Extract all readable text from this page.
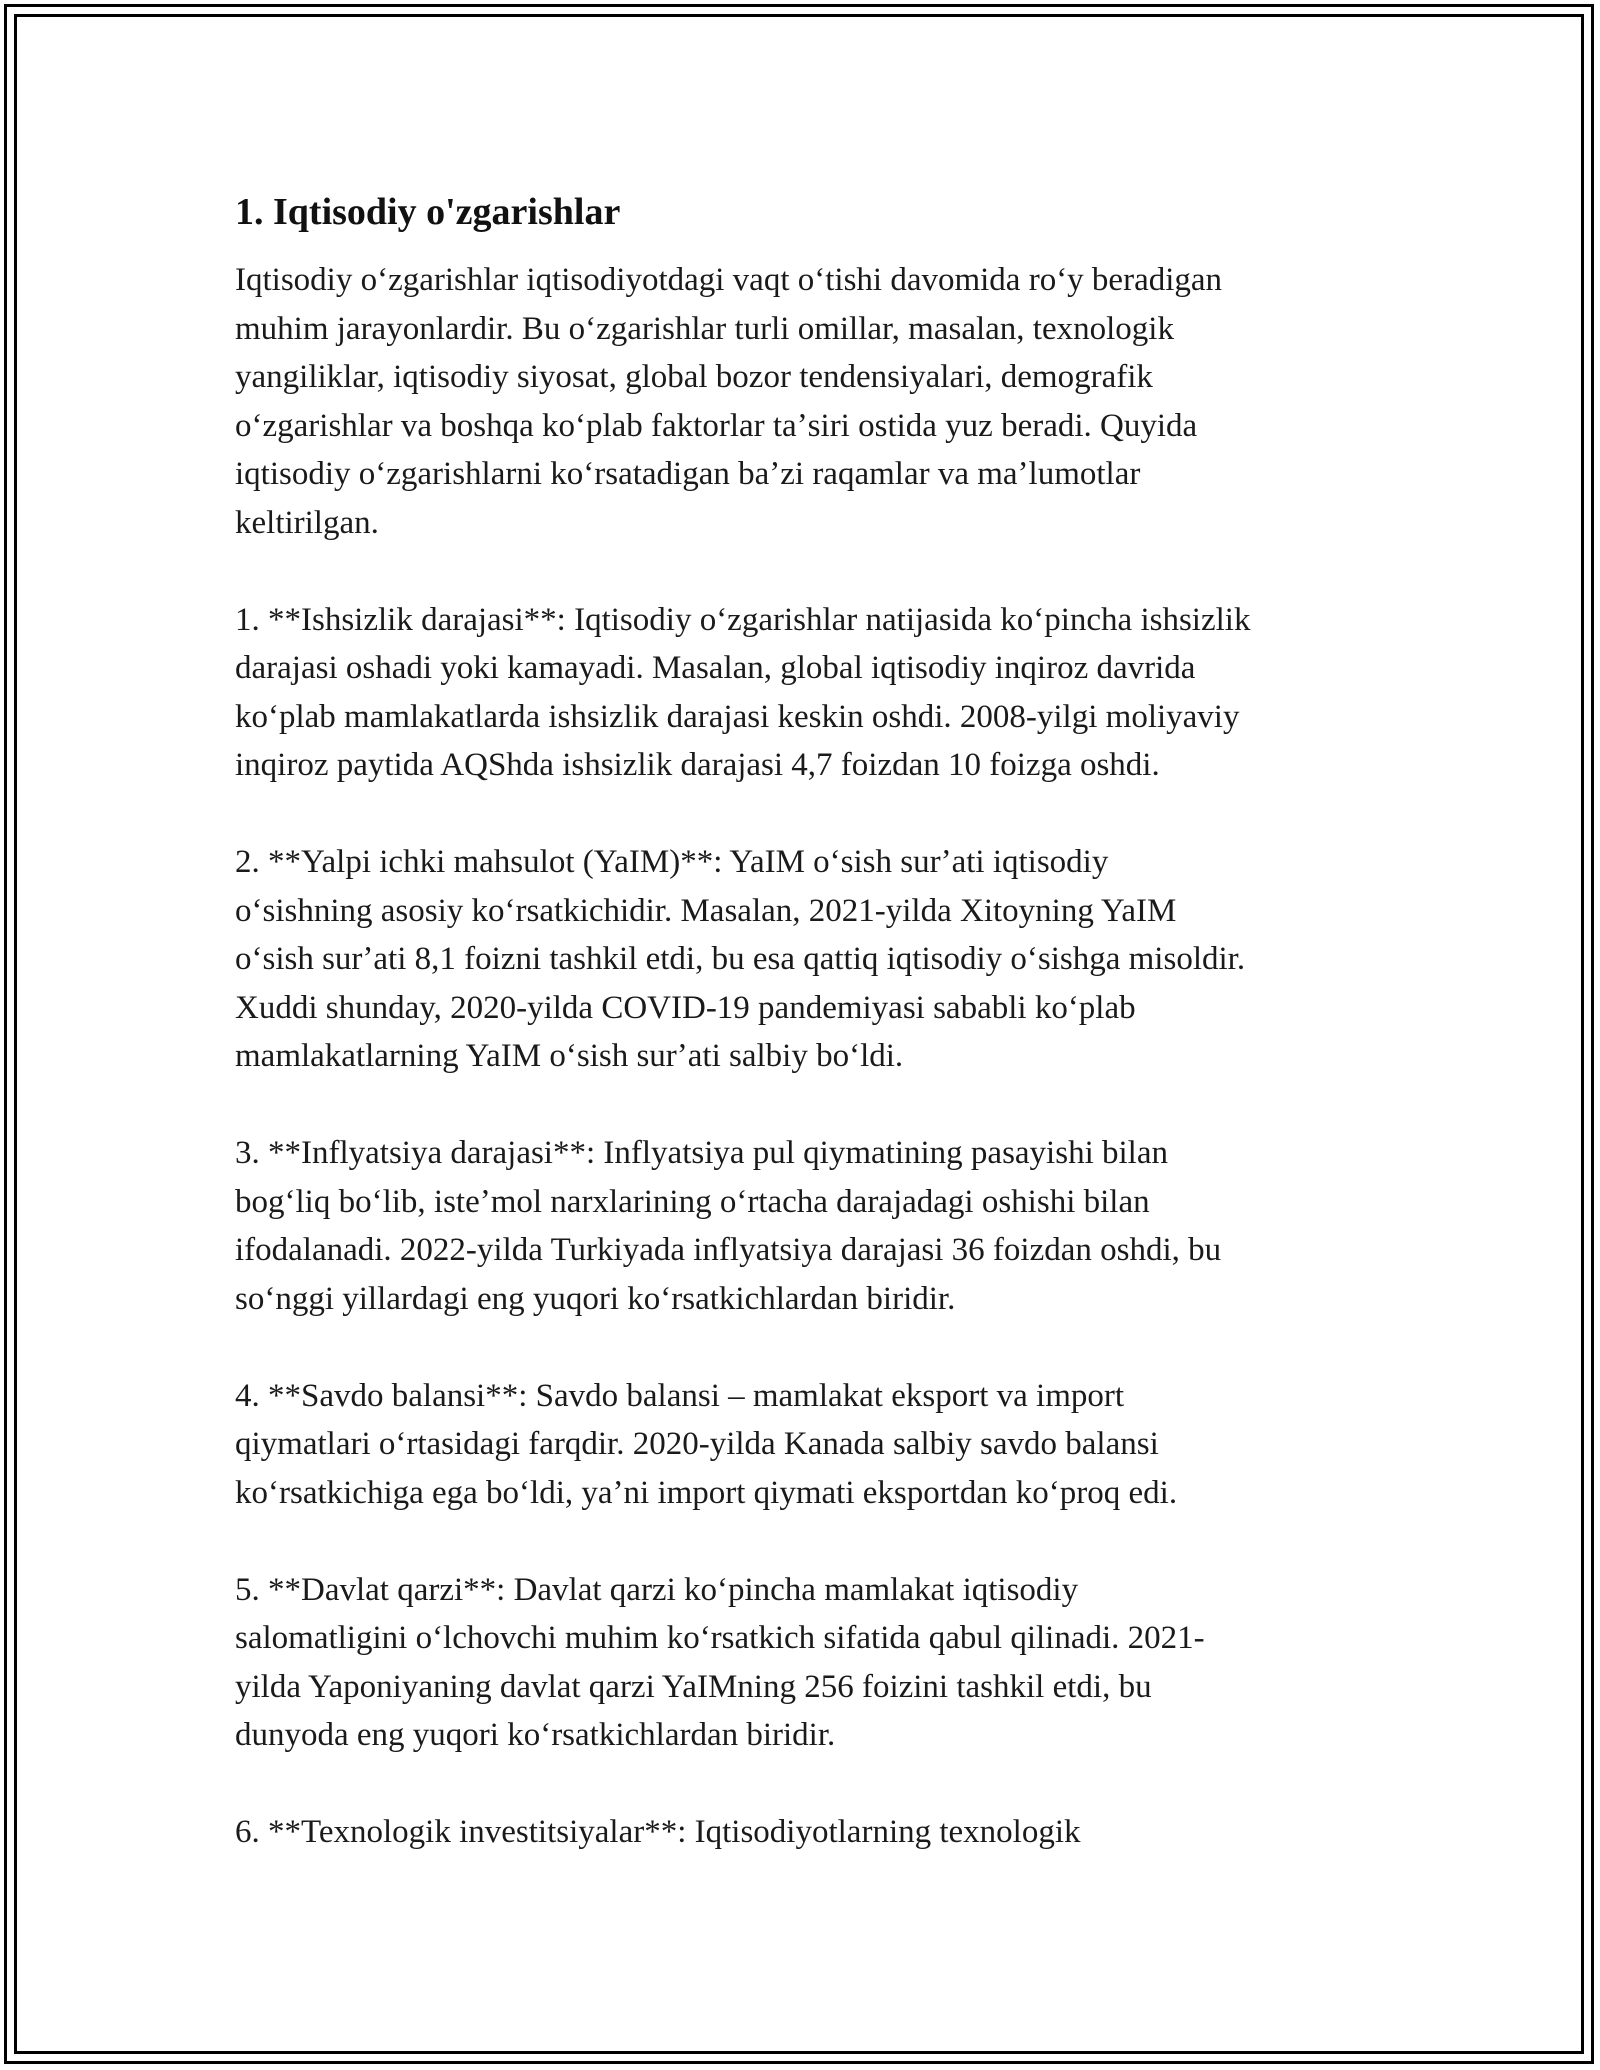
1. Iqtisodiy o'zgarishlar

Iqtisodiy oʻzgarishlar iqtisodiyotdagi vaqt oʻtishi davomida roʻy beradigan
muhim jarayonlardir. Bu oʻzgarishlar turli omillar, masalan, texnologik
yangiliklar, iqtisodiy siyosat, global bozor tendensiyalari, demografik
oʻzgarishlar va boshqa koʻplab faktorlar taʼsiri ostida yuz beradi. Quyida
iqtisodiy oʻzgarishlarni koʻrsatadigan baʼzi raqamlar va maʼlumotlar
keltirilgan.

1. **Ishsizlik darajasi**: Iqtisodiy oʻzgarishlar natijasida koʻpincha ishsizlik
darajasi oshadi yoki kamayadi. Masalan, global iqtisodiy inqiroz davrida
koʻplab mamlakatlarda ishsizlik darajasi keskin oshdi. 2008-yilgi moliyaviy
inqiroz paytida AQShda ishsizlik darajasi 4,7 foizdan 10 foizga oshdi.

2. **Yalpi ichki mahsulot (YaIM)**: YaIM oʻsish surʼati iqtisodiy
oʻsishning asosiy koʻrsatkichidir. Masalan, 2021-yilda Xitoyning YaIM
oʻsish surʼati 8,1 foizni tashkil etdi, bu esa qattiq iqtisodiy oʻsishga misoldir.
Xuddi shunday, 2020-yilda COVID-19 pandemiyasi sababli koʻplab
mamlakatlarning YaIM oʻsish surʼati salbiy boʻldi.

3. **Inflyatsiya darajasi**: Inflyatsiya pul qiymatining pasayishi bilan
bogʻliq boʻlib, isteʼmol narxlarining oʻrtacha darajadagi oshishi bilan
ifodalanadi. 2022-yilda Turkiyada inflyatsiya darajasi 36 foizdan oshdi, bu
soʻnggi yillardagi eng yuqori koʻrsatkichlardan biridir.

4. **Savdo balansi**: Savdo balansi – mamlakat eksport va import
qiymatlari oʻrtasidagi farqdir. 2020-yilda Kanada salbiy savdo balansi
koʻrsatkichiga ega boʻldi, yaʼni import qiymati eksportdan koʻproq edi.

5. **Davlat qarzi**: Davlat qarzi koʻpincha mamlakat iqtisodiy
salomatligini oʻlchovchi muhim koʻrsatkich sifatida qabul qilinadi. 2021-
yilda Yaponiyaning davlat qarzi YaIMning 256 foizini tashkil etdi, bu
dunyoda eng yuqori koʻrsatkichlardan biridir.

6. **Texnologik investitsiyalar**: Iqtisodiyotlarning texnologik
